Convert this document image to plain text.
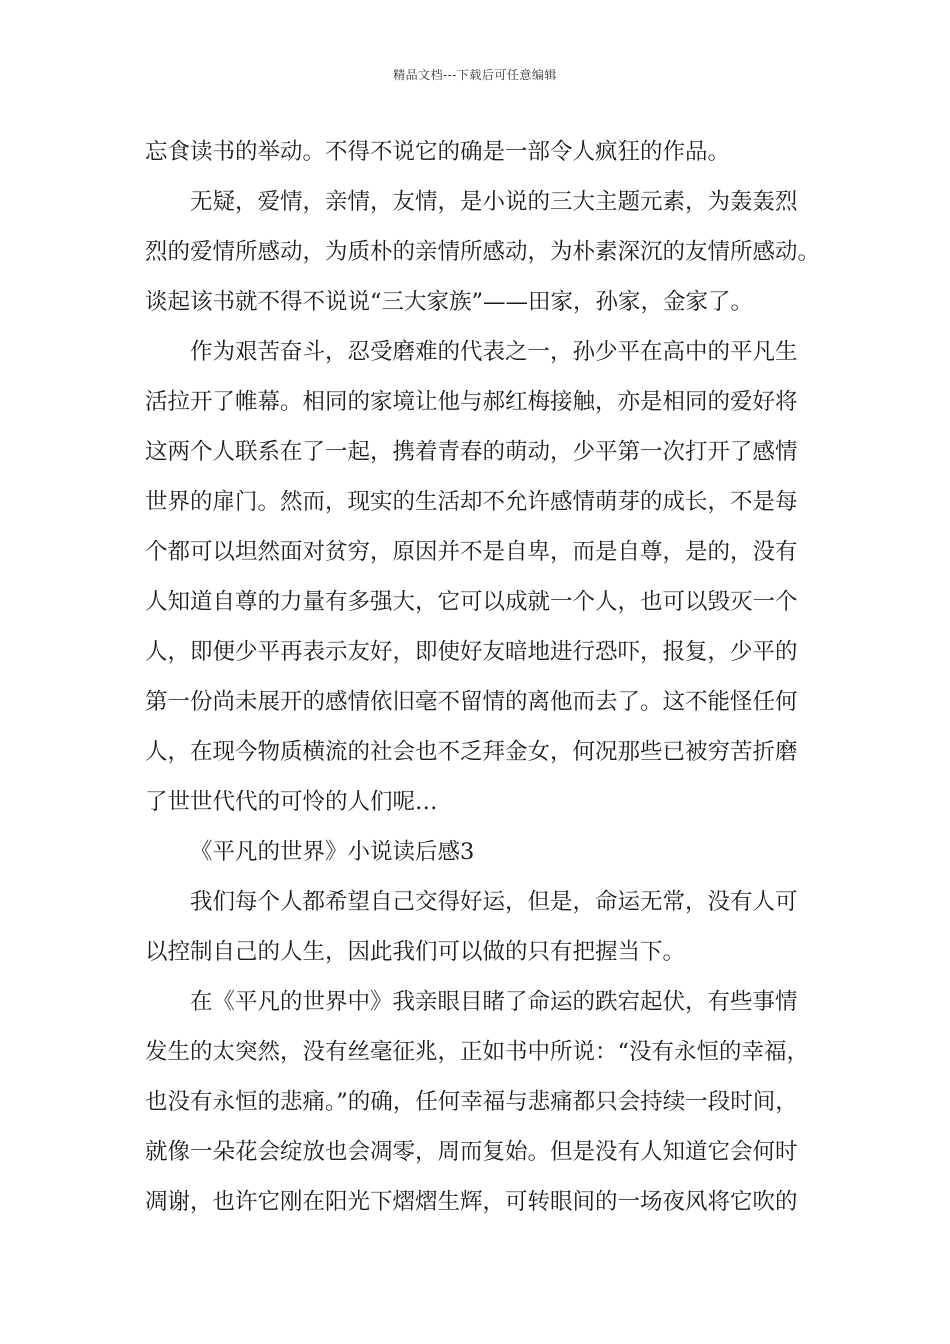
精品文档---下载后可任意编辑
忘食读书的举动。不得不说它的确是一部令人疯狂的作品。
无疑，爱情，亲情，友情，是小说的三大主题元素，为轰轰烈
烈的爱情所感动，为质朴的亲情所感动，为朴素深沉的友情所感动。
谈起该书就不得不说说“三大家族”——田家，孙家，金家了。
作为艰苦奋斗，忍受磨难的代表之一，孙少平在高中的平凡生
活拉开了帷幕。相同的家境让他与郝红梅接触，亦是相同的爱好将
这两个人联系在了一起，携着青春的萌动，少平第一次打开了感情
世界的扉门。然而，现实的生活却不允许感情萌芽的成长，不是每
个都可以坦然面对贫穷，原因并不是自卑，而是自尊，是的，没有
人知道自尊的力量有多强大，它可以成就一个人，也可以毁灭一个
人，即便少平再表示友好，即使好友暗地进行恐吓，报复，少平的
第一份尚未展开的感情依旧毫不留情的离他而去了。这不能怪任何
人，在现今物质横流的社会也不乏拜金女，何况那些已被穷苦折磨
了世世代代的可怜的人们呢…
《平凡的世界》小说读后感3
我们每个人都希望自己交得好运，但是，命运无常，没有人可
以控制自己的人生，因此我们可以做的只有把握当下。
在《平凡的世界中》我亲眼目睹了命运的跌宕起伏，有些事情
发生的太突然，没有丝毫征兆，正如书中所说：“没有永恒的幸福，
也没有永恒的悲痛。”的确，任何幸福与悲痛都只会持续一段时间，
就像一朵花会绽放也会凋零，周而复始。但是没有人知道它会何时
凋谢，也许它刚在阳光下熠熠生辉，可转眼间的一场夜风将它吹的
